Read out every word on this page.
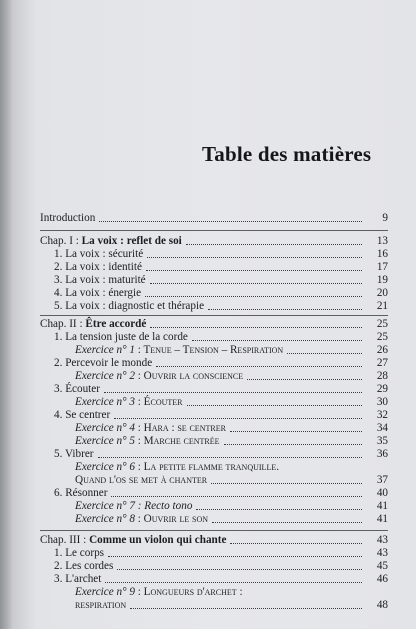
Table des matières
Introduction	9
Chap. I : La voix : reflet de soi	13
1. La voix : sécurité	16
2. La voix : identité	17
3. La voix : maturité	19
4. La voix : énergie	20
5. La voix : diagnostic et thérapie	21
Chap. II : Être accordé	25
1. La tension juste de la corde	25
Exercice n° 1 : Tenue – Tension – Respiration	26
2. Percevoir le monde	27
Exercice n° 2 : Ouvrir la conscience	28
3. Écouter	29
Exercice n° 3 : Écouter	30
4. Se centrer	32
Exercice n° 4 : Hara : se centrer	34
Exercice n° 5 : Marche centrée	35
5. Vibrer	36
Exercice n° 6 : La petite flamme tranquille.
Quand l'os se met à chanter	37
6. Résonner	40
Exercice n° 7 : Recto tono	41
Exercice n° 8 : Ouvrir le son	41
Chap. III : Comme un violon qui chante	43
1. Le corps	43
2. Les cordes	45
3. L'archet	46
Exercice n° 9 : Longueurs d'archet :
respiration	48
